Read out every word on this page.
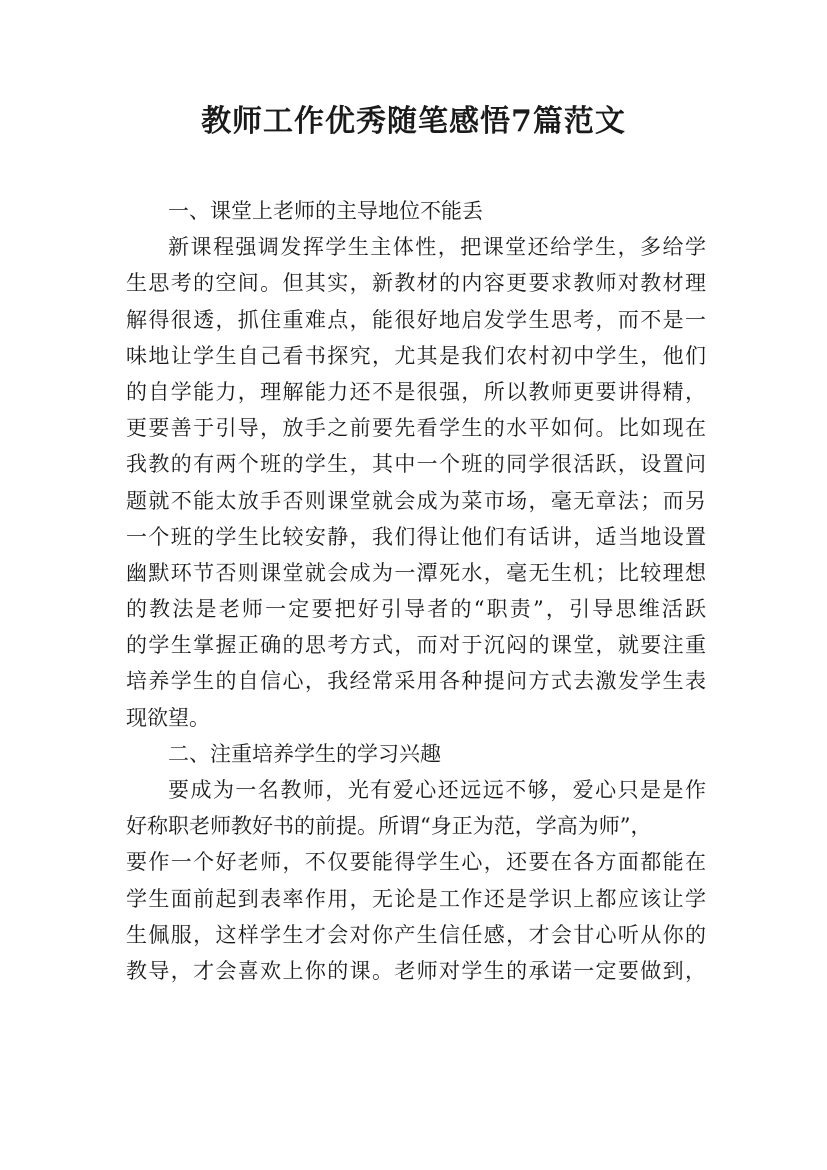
教师工作优秀随笔感悟7篇范文
一、课堂上老师的主导地位不能丢
新课程强调发挥学生主体性，把课堂还给学生，多给学
生思考的空间。但其实，新教材的内容更要求教师对教材理
解得很透，抓住重难点，能很好地启发学生思考，而不是一
味地让学生自己看书探究，尤其是我们农村初中学生，他们
的自学能力，理解能力还不是很强，所以教师更要讲得精，
更要善于引导，放手之前要先看学生的水平如何。比如现在
我教的有两个班的学生，其中一个班的同学很活跃，设置问
题就不能太放手否则课堂就会成为菜市场，毫无章法；而另
一个班的学生比较安静，我们得让他们有话讲，适当地设置
幽默环节否则课堂就会成为一潭死水，毫无生机；比较理想
的教法是老师一定要把好引导者的“职责”，引导思维活跃
的学生掌握正确的思考方式，而对于沉闷的课堂，就要注重
培养学生的自信心，我经常采用各种提问方式去激发学生表
现欲望。
二、注重培养学生的学习兴趣
要成为一名教师，光有爱心还远远不够，爱心只是是作
好称职老师教好书的前提。所谓“身正为范，学高为师”，
要作一个好老师，不仅要能得学生心，还要在各方面都能在
学生面前起到表率作用，无论是工作还是学识上都应该让学
生佩服，这样学生才会对你产生信任感，才会甘心听从你的
教导，才会喜欢上你的课。老师对学生的承诺一定要做到，
